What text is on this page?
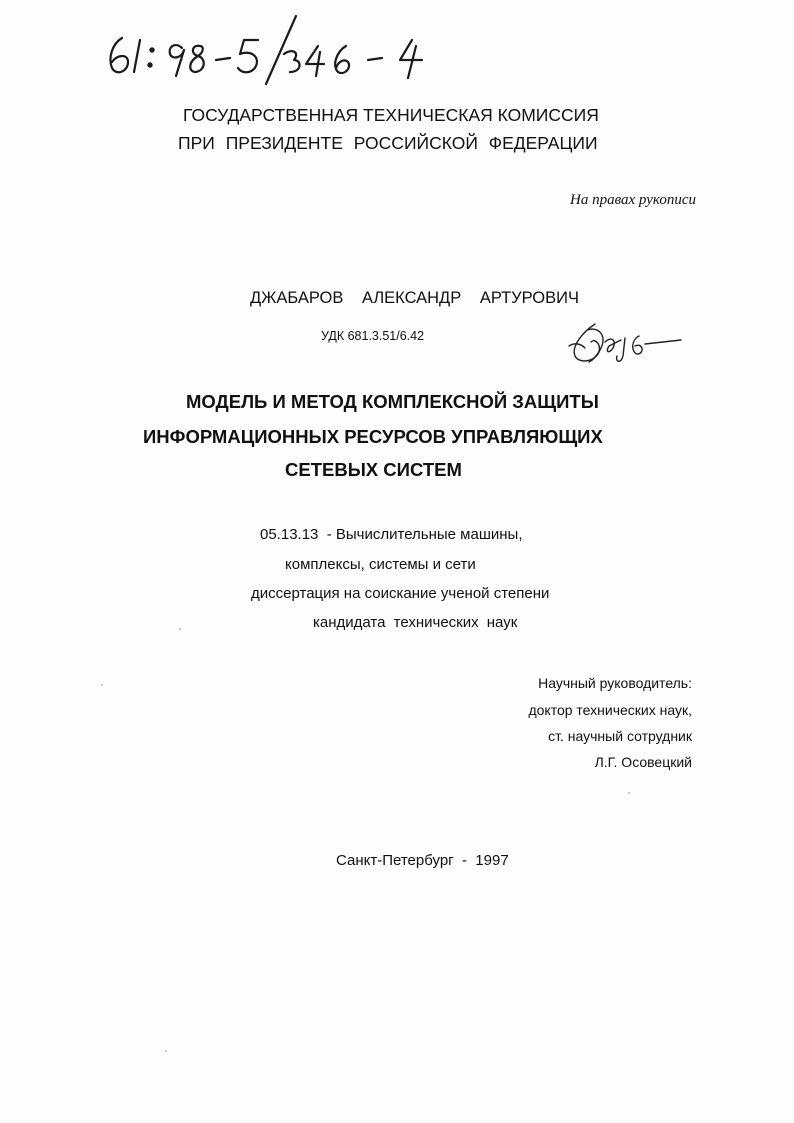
ГОСУДАРСТВЕННАЯ ТЕХНИЧЕСКАЯ КОМИССИЯ
ПРИ ПРЕЗИДЕНТЕ РОССИЙСКОЙ ФЕДЕРАЦИИ
На правах рукописи
ДЖАБАРОВ АЛЕКСАНДР АРТУРОВИЧ
УДК 681.3.51/6.42
МОДЕЛЬ И МЕТОД КОМПЛЕКСНОЙ ЗАЩИТЫ
ИНФОРМАЦИОННЫХ РЕСУРСОВ УПРАВЛЯЮЩИХ
СЕТЕВЫХ СИСТЕМ
05.13.13  - Вычислительные машины,
комплексы, системы и сети
диссертация на соискание ученой степени
кандидата технических наук
Научный руководитель:
доктор технических наук,
ст. научный сотрудник
Л.Г. Осовецкий
Санкт-Петербург  -  1997
